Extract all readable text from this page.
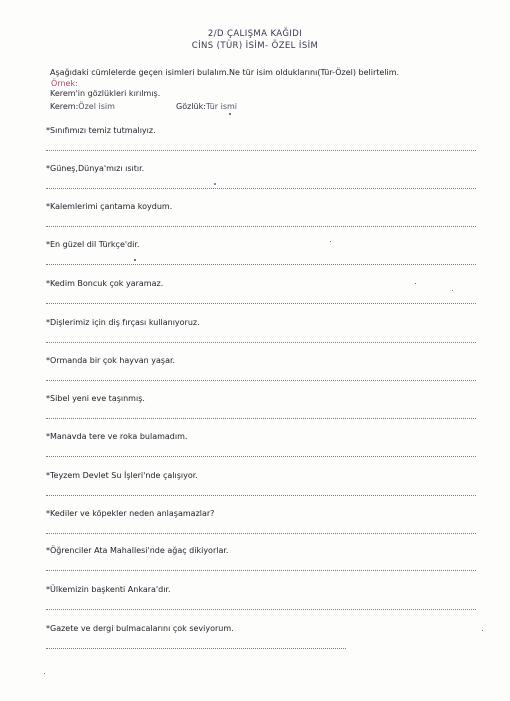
2/D ÇALIŞMA KAĞIDI
CİNS (TÜR) İSİM- ÖZEL İSİM
Aşağıdaki cümlelerde geçen isimleri bulalım.Ne tür isim olduklarını(Tür-Özel) belirtelim.
Örnek:
Kerem'in gözlükleri kırılmış.
Kerem:Özel isim	Gözlük:Tür ismi
*Sınıfımızı temiz tutmalıyız.
*Güneş,Dünya'mızı ısıtır.
*Kalemlerimi çantama koydum.
*En güzel dil Türkçe'dir.
*Kedim Boncuk çok yaramaz.
*Dişlerimiz için diş fırçası kullanıyoruz.
*Ormanda bir çok hayvan yaşar.
*Sibel yeni eve taşınmış.
*Manavda tere ve roka bulamadım.
*Teyzem Devlet Su İşleri'nde çalışıyor.
*Kediler ve köpekler neden anlaşamazlar?
*Öğrenciler Ata Mahallesi'nde ağaç dikiyorlar.
*Ülkemizin başkenti Ankara'dır.
*Gazete ve dergi bulmacalarını çok seviyorum.
